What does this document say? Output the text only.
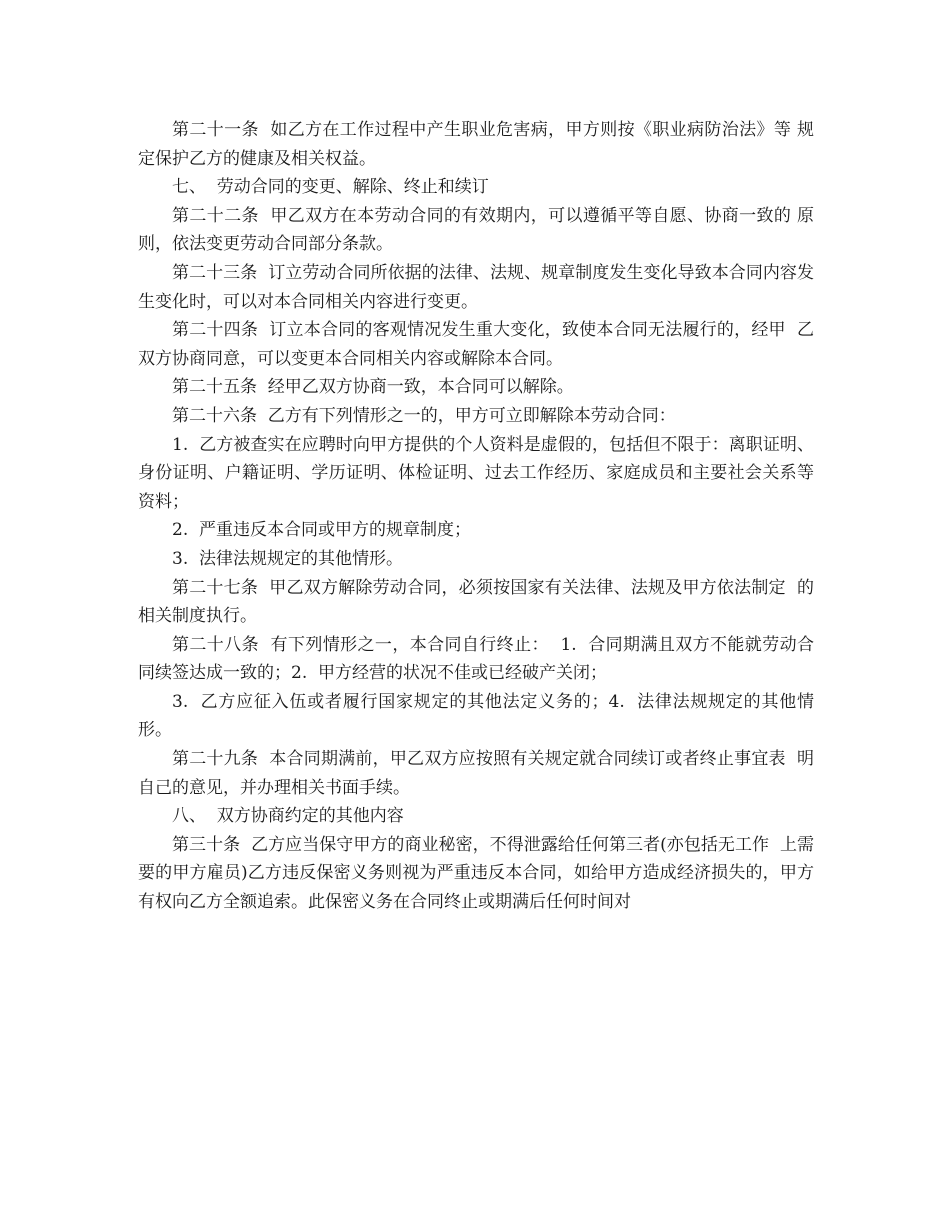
第二十一条  如乙方在工作过程中产生职业危害病，甲方则按《职业病防治法》等 规定保护乙方的健康及相关权益。

七、  劳动合同的变更、解除、终止和续订

第二十二条  甲乙双方在本劳动合同的有效期内，可以遵循平等自愿、协商一致的 原则，依法变更劳动合同部分条款。

第二十三条  订立劳动合同所依据的法律、法规、规章制度发生变化导致本合同内容发生变化时，可以对本合同相关内容进行变更。

第二十四条  订立本合同的客观情况发生重大变化，致使本合同无法履行的，经甲  乙双方协商同意，可以变更本合同相关内容或解除本合同。

第二十五条  经甲乙双方协商一致，本合同可以解除。

第二十六条  乙方有下列情形之一的，甲方可立即解除本劳动合同：

1.  乙方被查实在应聘时向甲方提供的个人资料是虚假的，包括但不限于：离职证明、身份证明、户籍证明、学历证明、体检证明、过去工作经历、家庭成员和主要社会关系等资料；

2.  严重违反本合同或甲方的规章制度；

3.  法律法规规定的其他情形。

第二十七条  甲乙双方解除劳动合同，必须按国家有关法律、法规及甲方依法制定  的相关制度执行。

第二十八条  有下列情形之一，本合同自行终止：  1.  合同期满且双方不能就劳动合同续签达成一致的；2.  甲方经营的状况不佳或已经破产关闭；

3.  乙方应征入伍或者履行国家规定的其他法定义务的；4.  法律法规规定的其他情形。

第二十九条  本合同期满前，甲乙双方应按照有关规定就合同续订或者终止事宜表  明自己的意见，并办理相关书面手续。

八、  双方协商约定的其他内容

第三十条  乙方应当保守甲方的商业秘密，不得泄露给任何第三者(亦包括无工作  上需要的甲方雇员)乙方违反保密义务则视为严重违反本合同，如给甲方造成经济损失的，甲方有权向乙方全额追索。此保密义务在合同终止或期满后任何时间对
